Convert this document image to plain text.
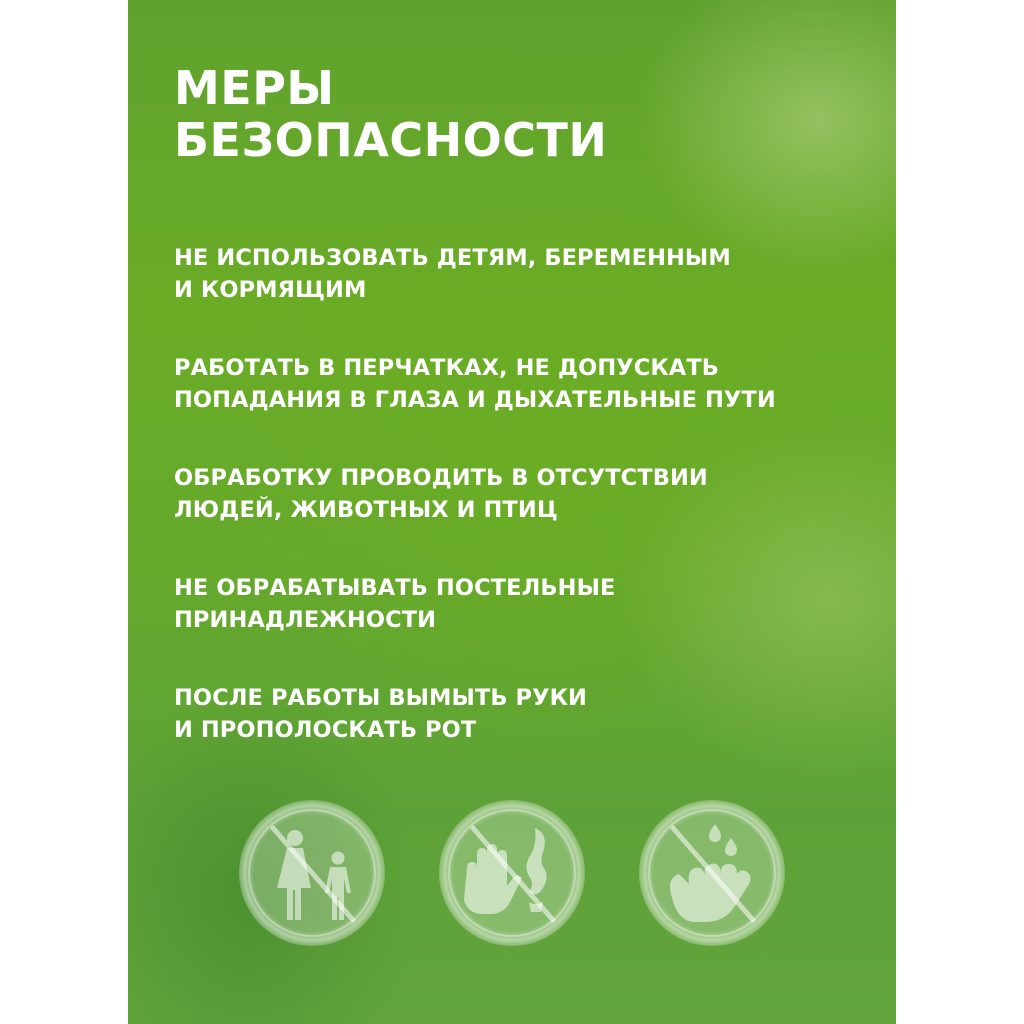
МЕРЫ
БЕЗОПАСНОСТИ
НЕ ИСПОЛЬЗОВАТЬ ДЕТЯМ, БЕРЕМЕННЫМ
И КОРМЯЩИМ
РАБОТАТЬ В ПЕРЧАТКАХ, НЕ ДОПУСКАТЬ
ПОПАДАНИЯ В ГЛАЗА И ДЫХАТЕЛЬНЫЕ ПУТИ
ОБРАБОТКУ ПРОВОДИТЬ В ОТСУТСТВИИ
ЛЮДЕЙ, ЖИВОТНЫХ И ПТИЦ
НЕ ОБРАБАТЫВАТЬ ПОСТЕЛЬНЫЕ
ПРИНАДЛЕЖНОСТИ
ПОСЛЕ РАБОТЫ ВЫМЫТЬ РУКИ
И ПРОПОЛОСКАТЬ РОТ
